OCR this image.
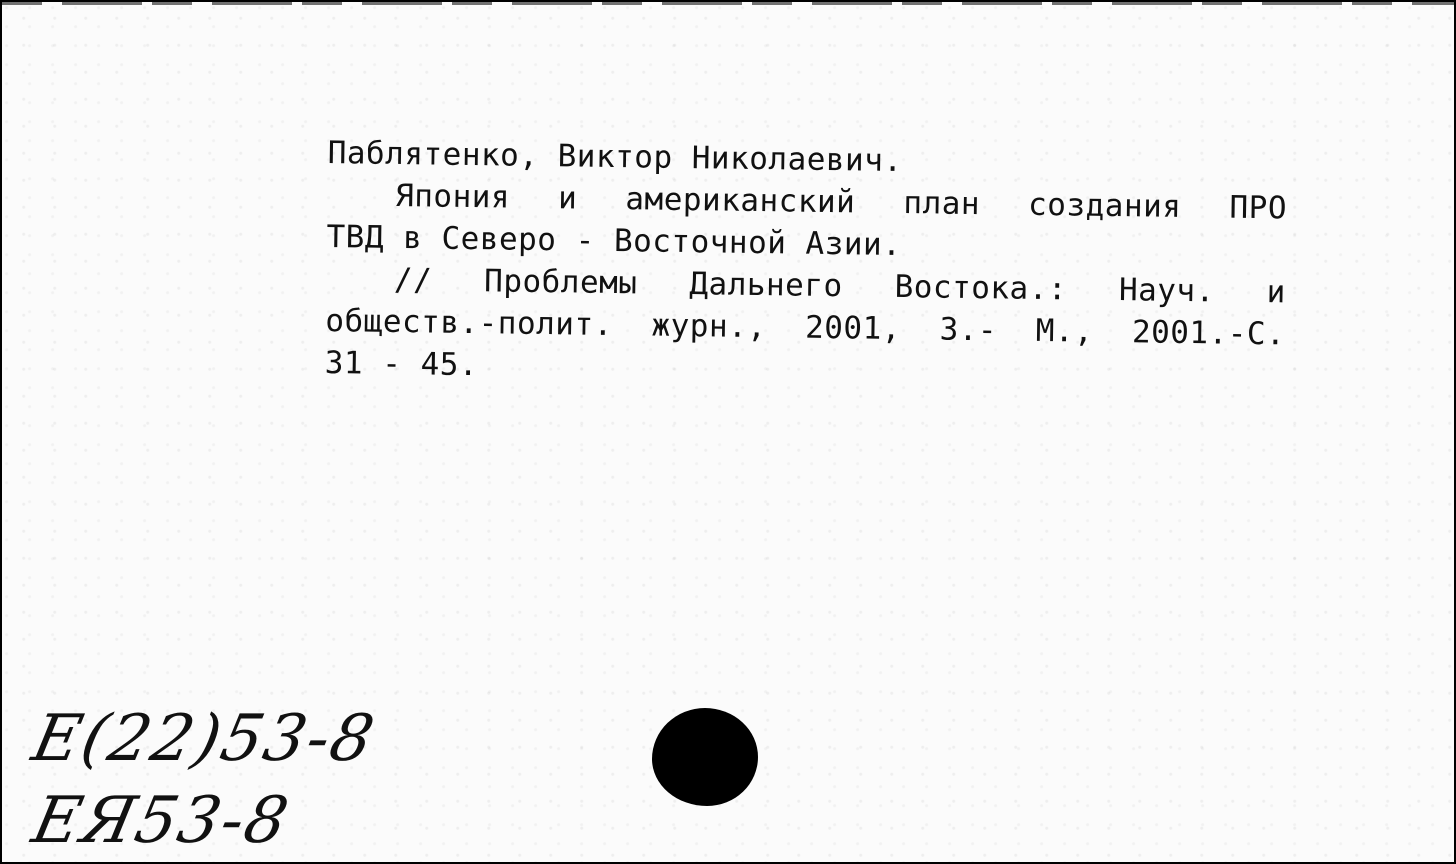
Паблятенко, Виктор Николаевич.
Япония и американский план создания ПРО
ТВД в Северо - Восточной Азии.
// Проблемы Дальнего Востока.: Науч. и
обществ.-полит. журн., 2001, 3.- М., 2001.-С.
31 - 45.
E(22)53-8
EЯ53-8
